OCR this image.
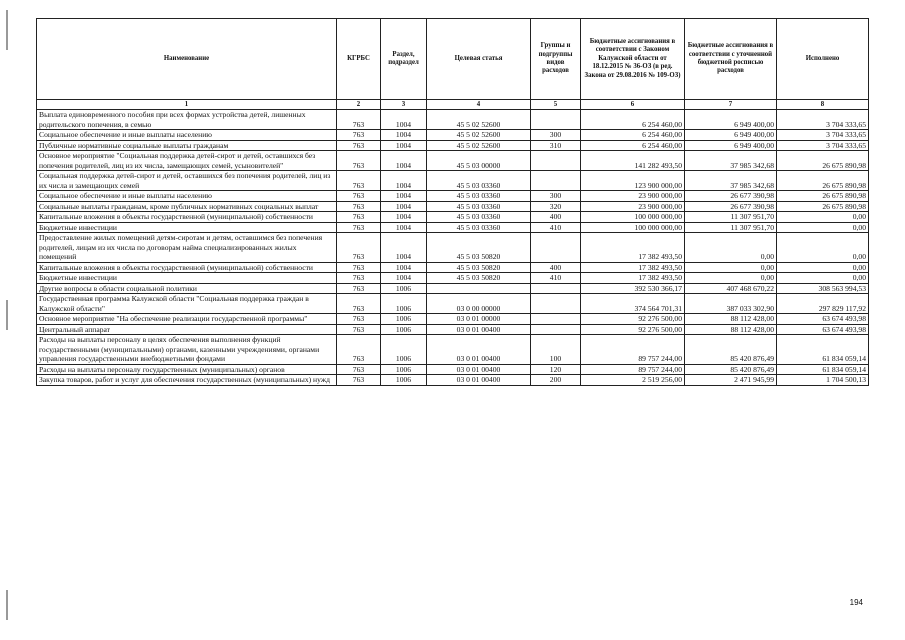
Наименование	КГРБС	Раздел, подраздел	Целевая статья	Группы и подгруппы видов расходов	Бюджетные ассигнования в соответствии с Законом Калужской области от 18.12.2015 № 36-ОЗ (в ред. Закона от 29.08.2016 № 109-ОЗ)	Бюджетные ассигнования в соответствии с уточненной бюджетной росписью расходов	Исполнено
1	2	3	4	5	6	7	8
Выплата единовременного пособия при всех формах устройства детей, лишенных родительского попечения, в семью	763	1004	45 5 02 52600		6 254 460,00	6 949 400,00	3 704 333,65
Социальное обеспечение и иные выплаты населению	763	1004	45 5 02 52600	300	6 254 460,00	6 949 400,00	3 704 333,65
Публичные нормативные социальные выплаты гражданам	763	1004	45 5 02 52600	310	6 254 460,00	6 949 400,00	3 704 333,65
Основное мероприятие "Социальная поддержка детей-сирот и детей, оставшихся без попечения родителей, лиц из их числа, замещающих семей, усыновителей"	763	1004	45 5 03 00000		141 282 493,50	37 985 342,68	26 675 890,98
Социальная поддержка детей-сирот и детей, оставшихся без попечения родителей, лиц из их числа и замещающих семей	763	1004	45 5 03 03360		123 900 000,00	37 985 342,68	26 675 890,98
Социальное обеспечение и иные выплаты населению	763	1004	45 5 03 03360	300	23 900 000,00	26 677 390,98	26 675 890,98
Социальные выплаты гражданам, кроме публичных нормативных социальных выплат	763	1004	45 5 03 03360	320	23 900 000,00	26 677 390,98	26 675 890,98
Капитальные вложения в объекты государственной (муниципальной) собственности	763	1004	45 5 03 03360	400	100 000 000,00	11 307 951,70	0,00
Бюджетные инвестиции	763	1004	45 5 03 03360	410	100 000 000,00	11 307 951,70	0,00
Предоставление жилых помещений детям-сиротам и детям, оставшимся без попечения родителей, лицам из их числа по договорам найма специализированных жилых помещений	763	1004	45 5 03 50820		17 382 493,50	0,00	0,00
Капитальные вложения в объекты государственной (муниципальной) собственности	763	1004	45 5 03 50820	400	17 382 493,50	0,00	0,00
Бюджетные инвестиции	763	1004	45 5 03 50820	410	17 382 493,50	0,00	0,00
Другие вопросы в области социальной политики	763	1006			392 530 366,17	407 468 670,22	308 563 994,53
Государственная программа Калужской области "Социальная поддержка граждан в Калужской области"	763	1006	03 0 00 00000		374 564 701,31	387 033 302,90	297 829 117,92
Основное мероприятие "На обеспечение реализации государственной программы"	763	1006	03 0 01 00000		92 276 500,00	88 112 428,00	63 674 493,98
Центральный аппарат	763	1006	03 0 01 00400		92 276 500,00	88 112 428,00	63 674 493,98
Расходы на выплаты персоналу в целях обеспечения выполнения функций государственными (муниципальными) органами, казенными учреждениями, органами управления государственными внебюджетными фондами	763	1006	03 0 01 00400	100	89 757 244,00	85 420 876,49	61 834 059,14
Расходы на выплаты персоналу государственных (муниципальных) органов	763	1006	03 0 01 00400	120	89 757 244,00	85 420 876,49	61 834 059,14
Закупка товаров, работ и услуг для обеспечения государственных (муниципальных) нужд	763	1006	03 0 01 00400	200	2 519 256,00	2 471 945,99	1 704 500,13
194
